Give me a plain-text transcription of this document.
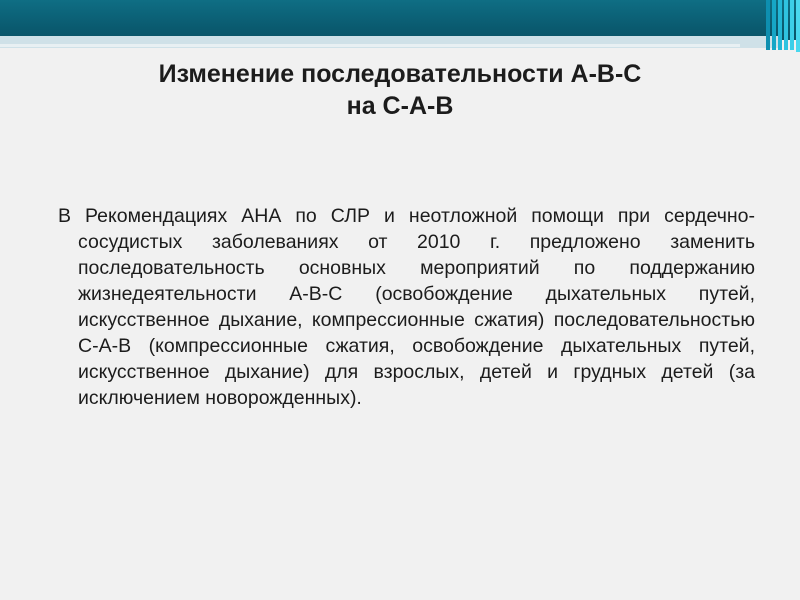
Изменение последовательности А-В-С
на С-А-В
В Рекомендациях АНА по СЛР и неотложной помощи при сердечно-сосудистых заболеваниях от 2010 г. предложено заменить последовательность основных мероприятий по поддержанию жизнедеятельности А-В-С (освобождение дыхательных путей, искусственное дыхание, компрессионные сжатия) последовательностью С-А-В (компрессионные сжатия, освобождение дыхательных путей, искусственное дыхание) для взрослых, детей и грудных детей (за исключением новорожденных).
